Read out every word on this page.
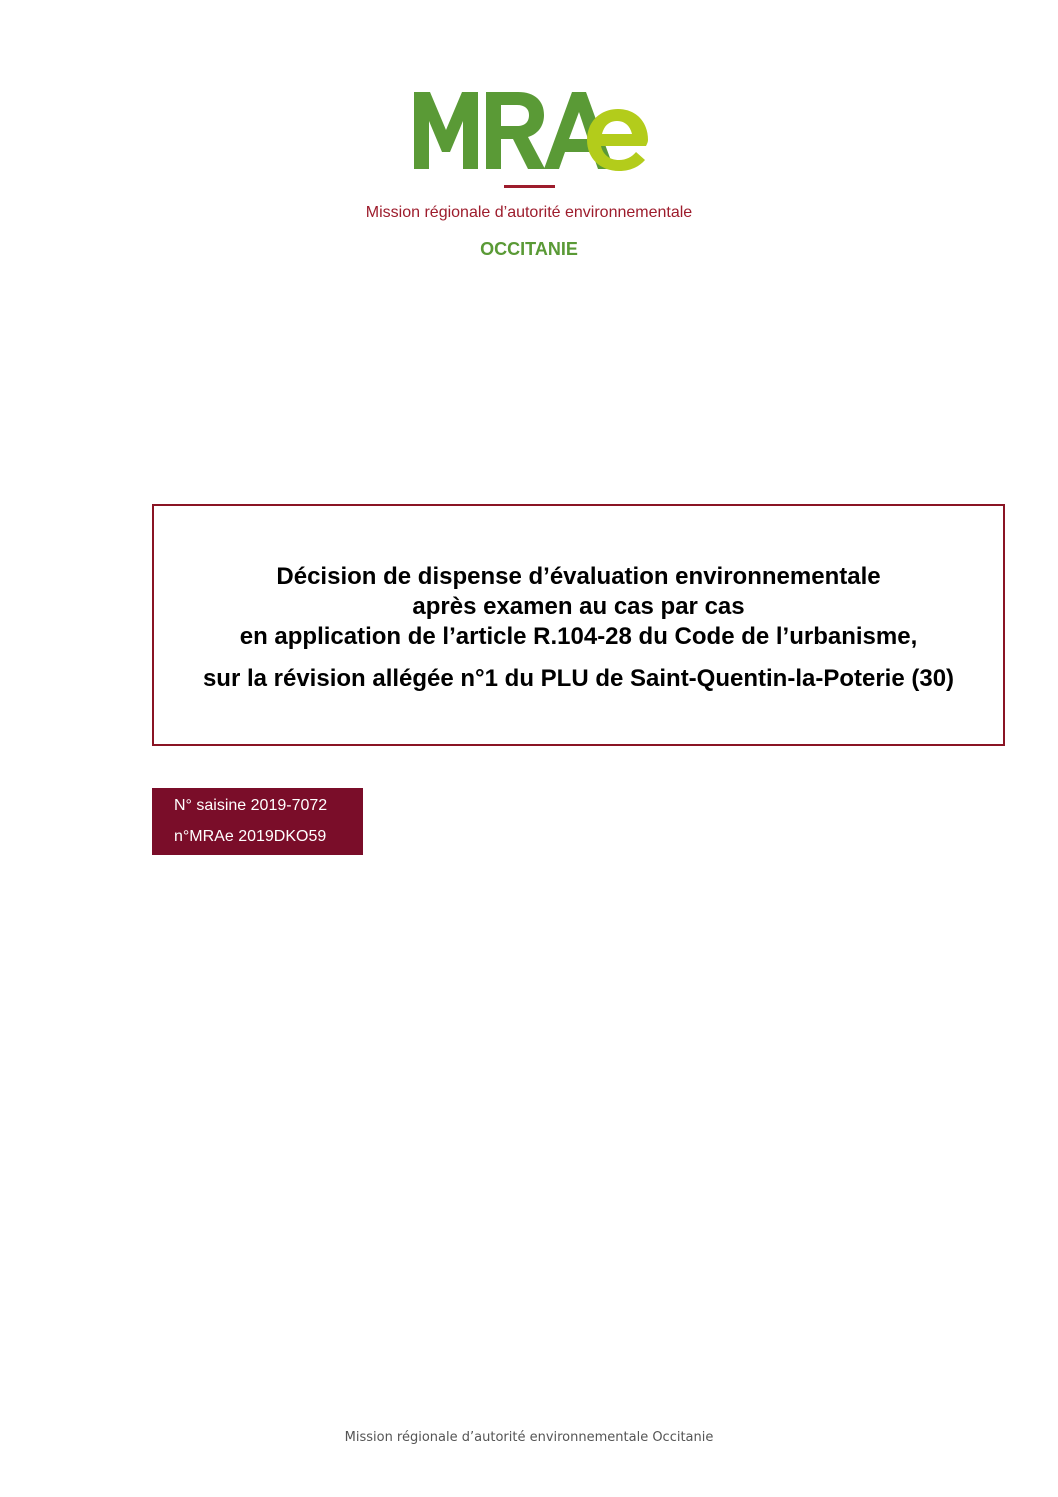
Mission régionale d’autorité environnementale
OCCITANIE
Décision de dispense d’évaluation environnementale
après examen au cas par cas
en application de l’article R.104-28 du Code de l’urbanisme,
sur la révision allégée n°1 du PLU de Saint-Quentin-la-Poterie (30)
N° saisine 2019-7072
n°MRAe 2019DKO59
Mission régionale d’autorité environnementale Occitanie
